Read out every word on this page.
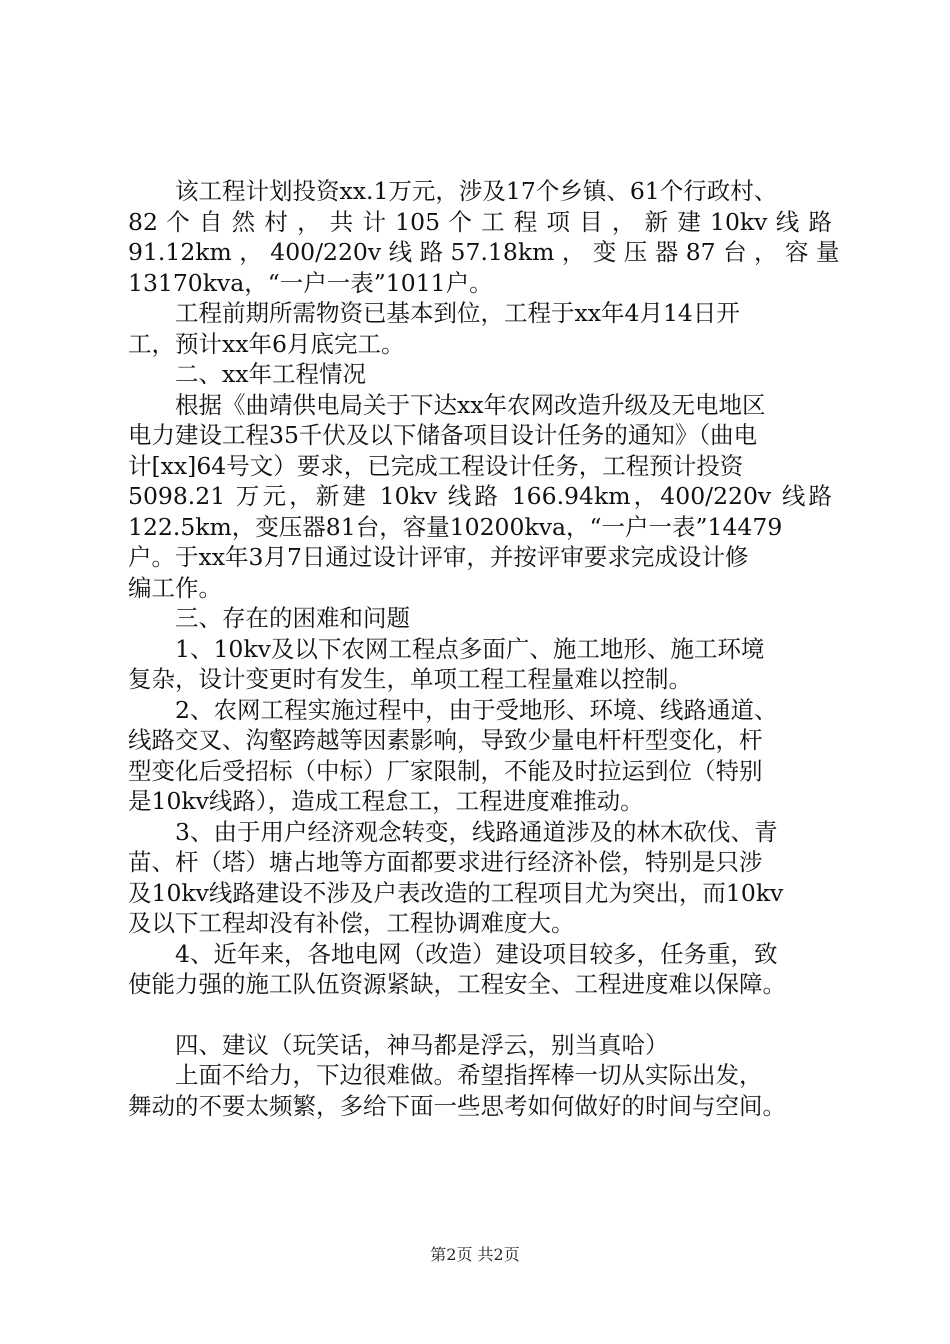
　　该工程计划投资xx.1万元，涉及17个乡镇、61个行政村、
82 个 自 然 村 ， 共 计 105 个 工 程 项 目 ， 新 建 10kv 线 路
91.12km ， 400/220v 线 路 57.18km ， 变 压 器 87 台 ， 容 量
13170kva，“一户一表”1011户。
　　工程前期所需物资已基本到位，工程于xx年4月14日开
工，预计xx年6月底完工。
　　二、xx年工程情况
　　根据《曲靖供电局关于下达xx年农网改造升级及无电地区
电力建设工程35千伏及以下储备项目设计任务的通知》（曲电
计[xx]64号文）要求，已完成工程设计任务，工程预计投资
5098.21 万元，新建 10kv 线路 166.94km，400/220v 线路
122.5km，变压器81台，容量10200kva，“一户一表”14479
户。于xx年3月7日通过设计评审，并按评审要求完成设计修
编工作。
　　三、存在的困难和问题
　　1、10kv及以下农网工程点多面广、施工地形、施工环境
复杂，设计变更时有发生，单项工程工程量难以控制。
　　2、农网工程实施过程中，由于受地形、环境、线路通道、
线路交叉、沟壑跨越等因素影响，导致少量电杆杆型变化，杆
型变化后受招标（中标）厂家限制，不能及时拉运到位（特别
是10kv线路），造成工程怠工，工程进度难推动。
　　3、由于用户经济观念转变，线路通道涉及的林木砍伐、青
苗、杆（塔）塘占地等方面都要求进行经济补偿，特别是只涉
及10kv线路建设不涉及户表改造的工程项目尤为突出，而10kv
及以下工程却没有补偿，工程协调难度大。
　　4、近年来，各地电网（改造）建设项目较多，任务重，致
使能力强的施工队伍资源紧缺，工程安全、工程进度难以保障。
　　四、建议（玩笑话，神马都是浮云，别当真哈）
　　上面不给力，下边很难做。希望指挥棒一切从实际出发，
舞动的不要太频繁，多给下面一些思考如何做好的时间与空间。
第2页 共2页
